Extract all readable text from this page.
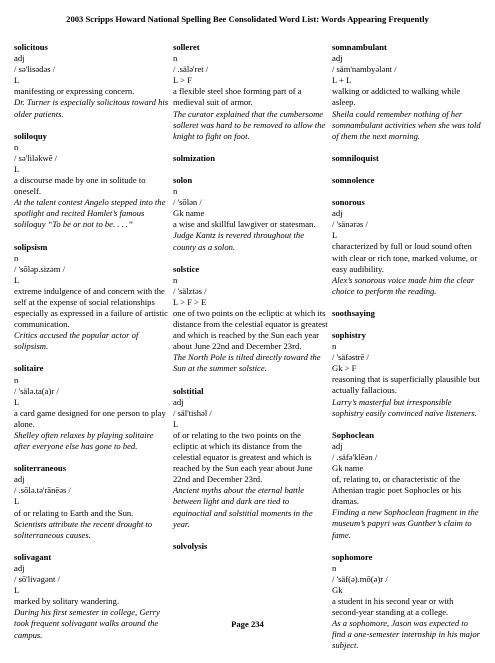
2003 Scripps Howard National Spelling Bee Consolidated Word List: Words Appearing Frequently
solicitous
adj
/ sə'lisədəs /
L
manifesting or expressing concern.
Dr. Turner is especially solicitous toward his older patients.
soliloquy
n
/ sə'liləkwē /
L
a discourse made by one in solitude to oneself.
At the talent contest Angelo stepped into the spotlight and recited Hamlet’s famous soliloquy “To be or not to be. . . .”
solipsism
n
/ 'sōləp.sizəm /
L
extreme indulgence of and concern with the self at the expense of social relationships especially as expressed in a failure of artistic communication.
Critics accused the popular actor of solipsism.
solitaire
n
/ 'sälə.ta(a)r /
L
a card game designed for one person to play alone.
Shelley often relaxes by playing solitaire after everyone else has gone to bed.
soliterraneous
adj
/ .sōlə.tə'rānēəs /
L
of or relating to Earth and the Sun.
Scientists attribute the recent drought to soliterraneous causes.
solivagant
adj
/ sō'livəgənt /
L
marked by solitary wandering.
During his first semester in college, Gerry took frequent solivagant walks around the campus.
solleret
n
/ .sälə'ret /
L > F
a flexible steel shoe forming part of a medieval suit of armor.
The curator explained that the cumbersome solleret was hard to be removed to allow the knight to fight on foot.
solmization
solon
n
/ 'sōlən /
Gk name
a wise and skillful lawgiver or statesman.
Judge Kantz is revered throughout the county as a solon.
solstice
n
/ 'sälztəs /
L > F > E
one of two points on the ecliptic at which its distance from the celestial equator is greatest and which is reached by the Sun each year about June 22nd and December 23rd.
The North Pole is tilted directly toward the Sun at the summer solstice.
solstitial
adj
/ säl'tishəl /
L
of or relating to the two points on the ecliptic at which its distance from the celestial equator is greatest and which is reached by the Sun each year about June 22nd and December 23rd.
Ancient myths about the eternal battle between light and dark are tied to equinoctial and solstitial moments in the year.
solvolysis
somnambulant
adj
/ säm'nambyələnt /
L + L
walking or addicted to walking while asleep.
Sheila could remember nothing of her somnambulant activities when she was told of them the next morning.
somniloquist
somnolence
sonorous
adj
/ 'sänərəs /
L
characterized by full or loud sound often with clear or rich tone, marked volume, or easy audibility.
Alex’s sonorous voice made him the clear choice to perform the reading.
soothsaying
sophistry
n
/ 'säfəstrē /
Gk > F
reasoning that is superficially plausible but actually fallacious.
Larry’s masterful but irresponsible sophistry easily convinced naïve listeners.
Sophoclean
adj
/ .säfə'klēən /
Gk name
of, relating to, or characteristic of the Athenian tragic poet Sophocles or his dramas.
Finding a new Sophoclean fragment in the museum’s papyri was Gunther’s claim to fame.
sophomore
n
/ 'säf(ə).mō(ə)r /
Gk
a student in his second year or with second-year standing at a college.
As a sophomore, Jason was expected to find a one-semester internship in his major subject.
Page 234
